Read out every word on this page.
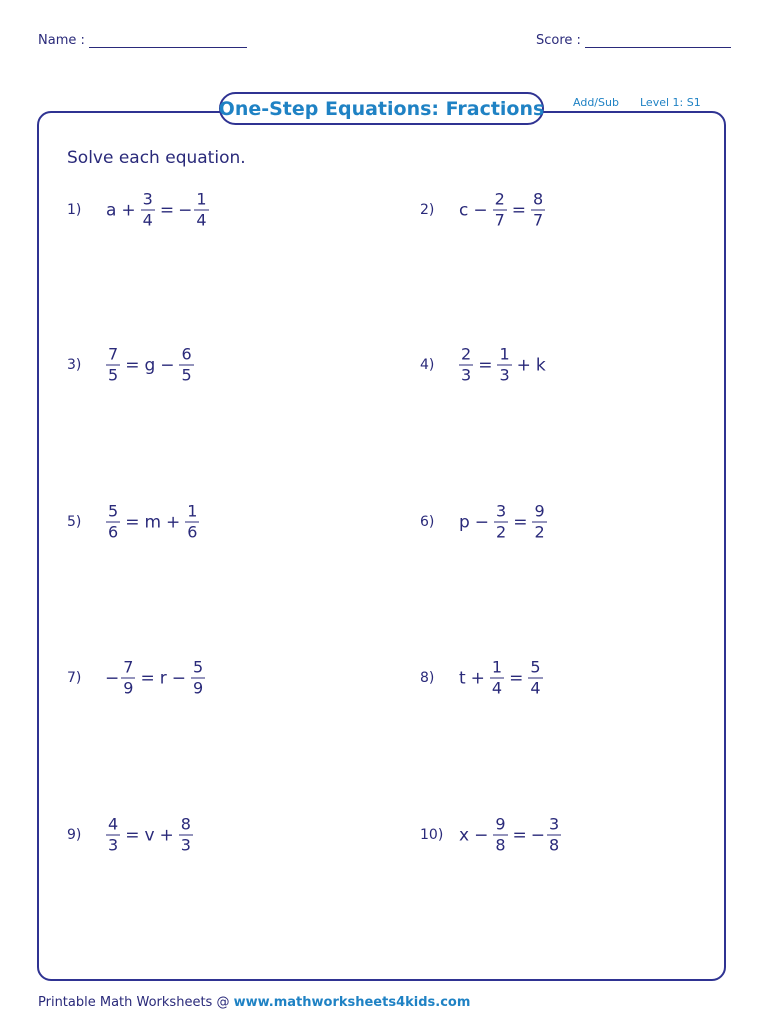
Name :	Score :
One-Step Equations: Fractions	Add/Sub Level 1: S1
Solve each equation.
1) $a + \frac{3}{4}$ = − $\frac{1}{4}$	2) $c - \frac{2}{7} = \frac{8}{7}$
$3) \frac{7}{5} = g - \frac{6}{5}$	$4) \frac{2}{3} = \frac{1}{3} + k$
$5) \frac{5}{6} = m + \frac{1}{6}$	6) $p - \frac{3}{2} = \frac{9}{2}$
$7) - \frac{7}{9} = r - \frac{5}{9}$	8) $t + \frac{1}{4} = \frac{5}{4}$
$9) \frac{4}{3} = v + \frac{8}{3}$	10) $x - \frac{9}{8}$ = − $\frac{3}{8}$
Printable Math Worksheets @ www.mathworksheets4kids.com
